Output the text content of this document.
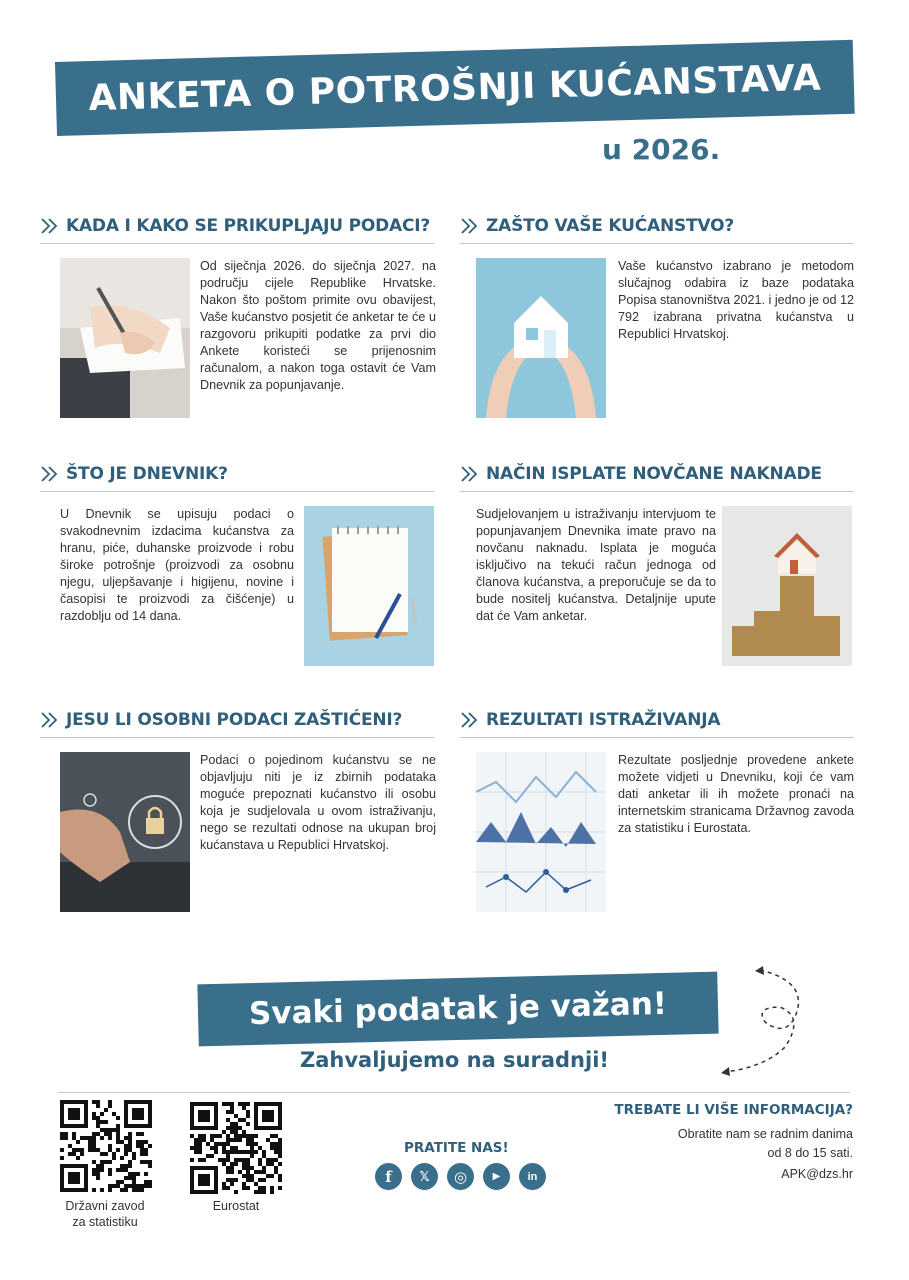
ANKETA O POTROŠNJI KUĆANSTAVA
u 2026.
KADA I KAKO SE PRIKUPLJAJU PODACI?
Od siječnja 2026. do siječnja 2027. na području cijele Republike Hrvatske. Nakon što poštom primite ovu obavijest, Vaše kućanstvo posjetit će anketar te će u razgovoru prikupiti podatke za prvi dio Ankete koristeći se prijenosnim računalom, a nakon toga ostavit će Vam Dnevnik za popunjavanje.
ZAŠTO VAŠE KUĆANSTVO?
Vaše kućanstvo izabrano je metodom slučajnog odabira iz baze podataka Popisa stanovništva 2021. i jedno je od 12 792 izabrana privatna kućanstva u Republici Hrvatskoj.
ŠTO JE DNEVNIK?
U Dnevnik se upisuju podaci o svakodnevnim izdacima kućanstva za hranu, piće, duhanske proizvode i robu široke potrošnje (proizvodi za osobnu njegu, uljepšavanje i higijenu, novine i časopisi te proizvodi za čišćenje) u razdoblju od 14 dana.
NAČIN ISPLATE NOVČANE NAKNADE
Sudjelovanjem u istraživanju intervjuom te popunjavanjem Dnevnika imate pravo na novčanu naknadu. Isplata je moguća isključivo na tekući račun jednoga od članova kućanstva, a preporučuje se da to bude nositelj kućanstva. Detaljnije upute dat će Vam anketar.
JESU LI OSOBNI PODACI ZAŠTIĆENI?
Podaci o pojedinom kućanstvu se ne objavljuju niti je iz zbirnih podataka moguće prepoznati kućanstvo ili osobu koja je sudjelovala u ovom istraživanju, nego se rezultati odnose na ukupan broj kućanstava u Republici Hrvatskoj.
REZULTATI ISTRAŽIVANJA
Rezultate posljednje provedene ankete možete vidjeti u Dnevniku, koji će vam dati anketar ili ih možete pronaći na internetskim stranicama Državnog zavoda za statistiku i Eurostata.
Svaki podatak je važan!
Zahvaljujemo na suradnji!
Državni zavod
za statistiku
Eurostat
PRATITE NAS!
f	𝕏	◎	▶	in
TREBATE LI VIŠE INFORMACIJA?
Obratite nam se radnim danima
od 8 do 15 sati.
APK@dzs.hr
